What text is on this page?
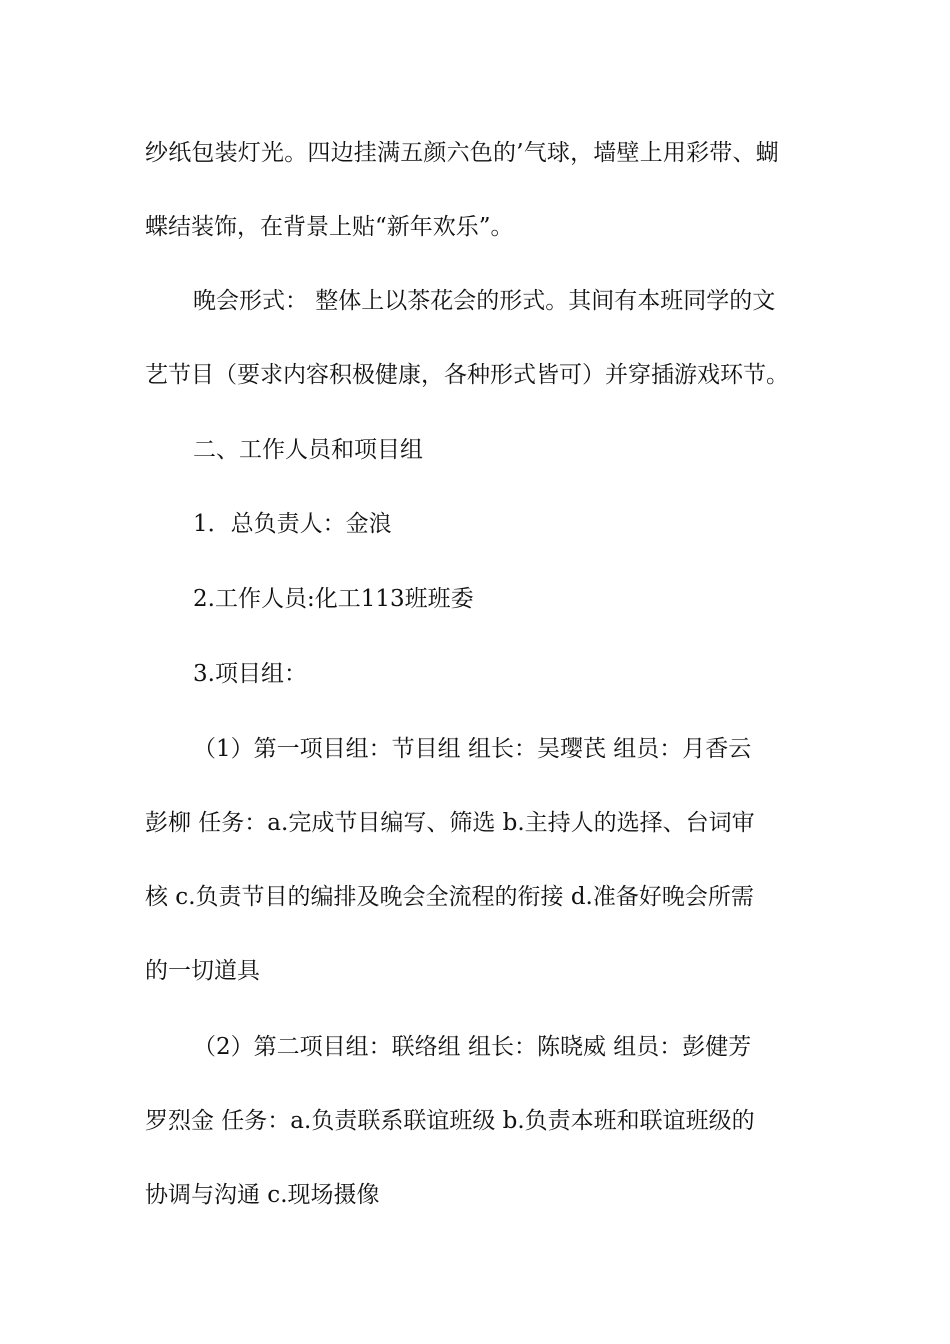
纱纸包装灯光。四边挂满五颜六色的’气球，墙壁上用彩带、蝴

蝶结装饰，在背景上贴“新年欢乐”。

晚会形式： 整体上以茶花会的形式。其间有本班同学的文

艺节目（要求内容积极健康，各种形式皆可）并穿插游戏环节。

二、工作人员和项目组

1．总负责人：金浪

2.工作人员:化工113班班委

3.项目组：

（1）第一项目组：节目组 组长：吴璎芪 组员：月香云

彭柳 任务：a.完成节目编写、筛选 b.主持人的选择、台词审

核 c.负责节目的编排及晚会全流程的衔接 d.准备好晚会所需

的一切道具

（2）第二项目组：联络组 组长：陈晓威 组员：彭健芳

罗烈金 任务：a.负责联系联谊班级 b.负责本班和联谊班级的

协调与沟通 c.现场摄像
